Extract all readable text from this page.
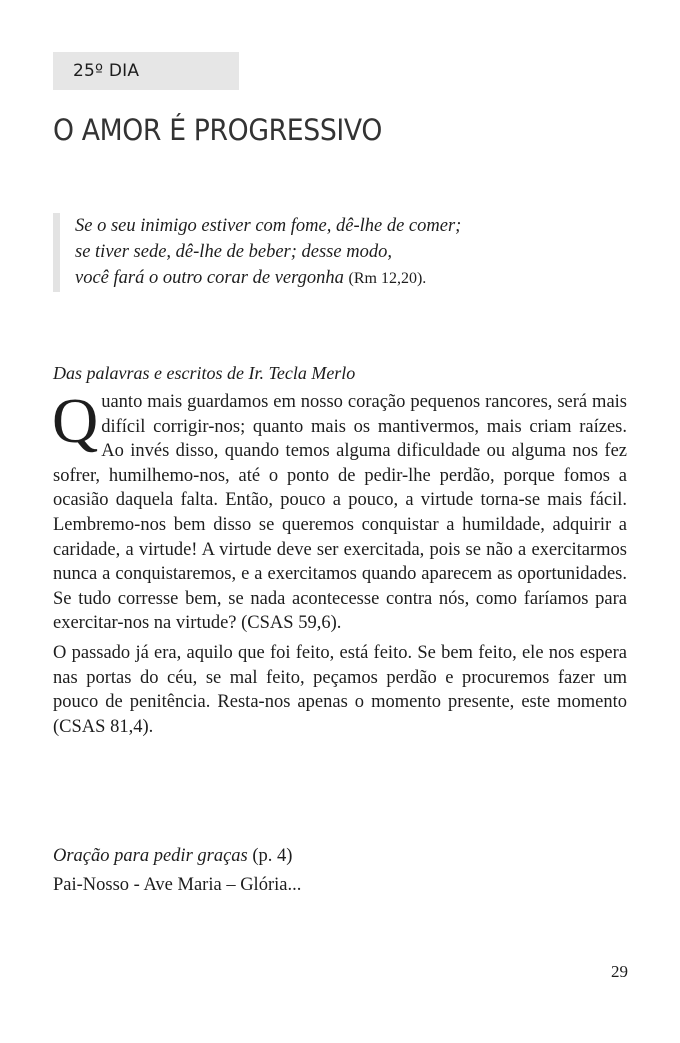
25º DIA
O AMOR É PROGRESSIVO
Se o seu inimigo estiver com fome, dê-lhe de comer;
se tiver sede, dê-lhe de beber; desse modo,
você fará o outro corar de vergonha (Rm 12,20).
Das palavras e escritos de Ir. Tecla Merlo

Quanto mais guardamos em nosso coração pequenos rancores, será mais difícil corrigir-nos; quanto mais os mantivermos, mais criam raízes. Ao invés disso, quando temos alguma dificuldade ou alguma nos fez sofrer, humilhemo-nos, até o ponto de pedir-lhe perdão, porque fomos a ocasião daquela falta. Então, pouco a pouco, a virtude torna-se mais fácil. Lembremo-nos bem disso se queremos conquistar a humildade, adquirir a caridade, a virtude! A virtude deve ser exercitada, pois se não a exercitarmos nunca a conquistaremos, e a exercitamos quando aparecem as oportunidades. Se tudo corresse bem, se nada acontecesse contra nós, como faríamos para exercitar-nos na virtude? (CSAS 59,6).

O passado já era, aquilo que foi feito, está feito. Se bem feito, ele nos espera nas portas do céu, se mal feito, peçamos perdão e procuremos fazer um pouco de penitência. Resta-nos apenas o momento presente, este momento (CSAS 81,4).

Oração para pedir graças (p. 4)
Pai-Nosso - Ave Maria – Glória...
29
